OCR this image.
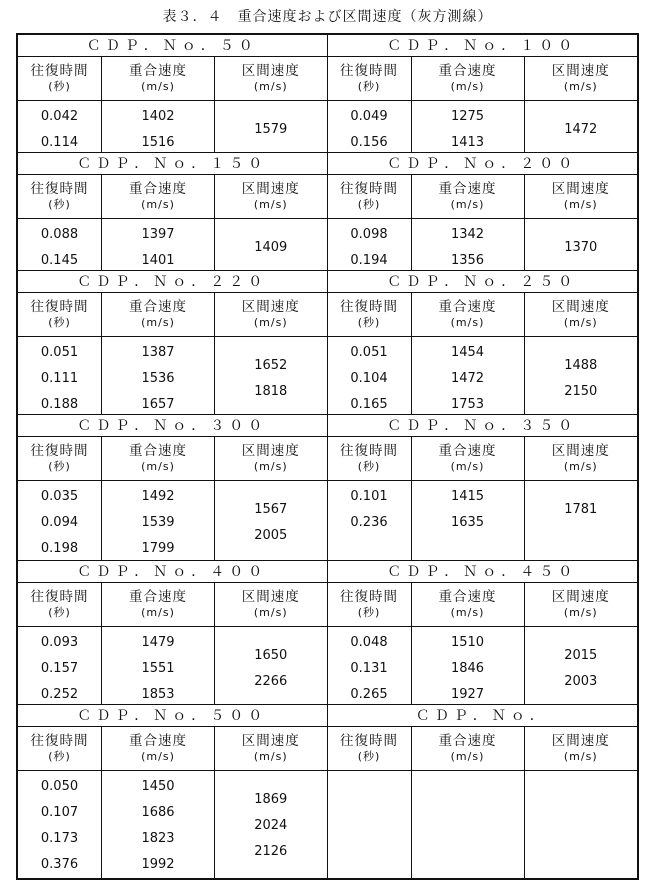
表３．４　重合速度および区間速度（灰方測線）
ＣＤＰ．Ｎｏ．５０
往復時間
(秒)
重合速度
(m/s)
区間速度
(m/s)
0.042
0.114
1402
1516
1579
ＣＤＰ．Ｎｏ．１５０
往復時間
(秒)
重合速度
(m/s)
区間速度
(m/s)
0.088
0.145
1397
1401
1409
ＣＤＰ．Ｎｏ．２２０
往復時間
(秒)
重合速度
(m/s)
区間速度
(m/s)
0.051
0.111
0.188
1387
1536
1657
1652
1818
ＣＤＰ．Ｎｏ．３００
往復時間
(秒)
重合速度
(m/s)
区間速度
(m/s)
0.035
0.094
0.198
1492
1539
1799
1567
2005
ＣＤＰ．Ｎｏ．４００
往復時間
(秒)
重合速度
(m/s)
区間速度
(m/s)
0.093
0.157
0.252
1479
1551
1853
1650
2266
ＣＤＰ．Ｎｏ．５００
往復時間
(秒)
重合速度
(m/s)
区間速度
(m/s)
0.050
0.107
0.173
0.376
1450
1686
1823
1992
1869
2024
2126
ＣＤＰ．Ｎｏ．１００
往復時間
(秒)
重合速度
(m/s)
区間速度
(m/s)
0.049
0.156
1275
1413
1472
ＣＤＰ．Ｎｏ．２００
往復時間
(秒)
重合速度
(m/s)
区間速度
(m/s)
0.098
0.194
1342
1356
1370
ＣＤＰ．Ｎｏ．２５０
往復時間
(秒)
重合速度
(m/s)
区間速度
(m/s)
0.051
0.104
0.165
1454
1472
1753
1488
2150
ＣＤＰ．Ｎｏ．３５０
往復時間
(秒)
重合速度
(m/s)
区間速度
(m/s)
0.101
0.236
1415
1635
1781
ＣＤＰ．Ｎｏ．４５０
往復時間
(秒)
重合速度
(m/s)
区間速度
(m/s)
0.048
0.131
0.265
1510
1846
1927
2015
2003
ＣＤＰ．Ｎｏ．
往復時間
(秒)
重合速度
(m/s)
区間速度
(m/s)
